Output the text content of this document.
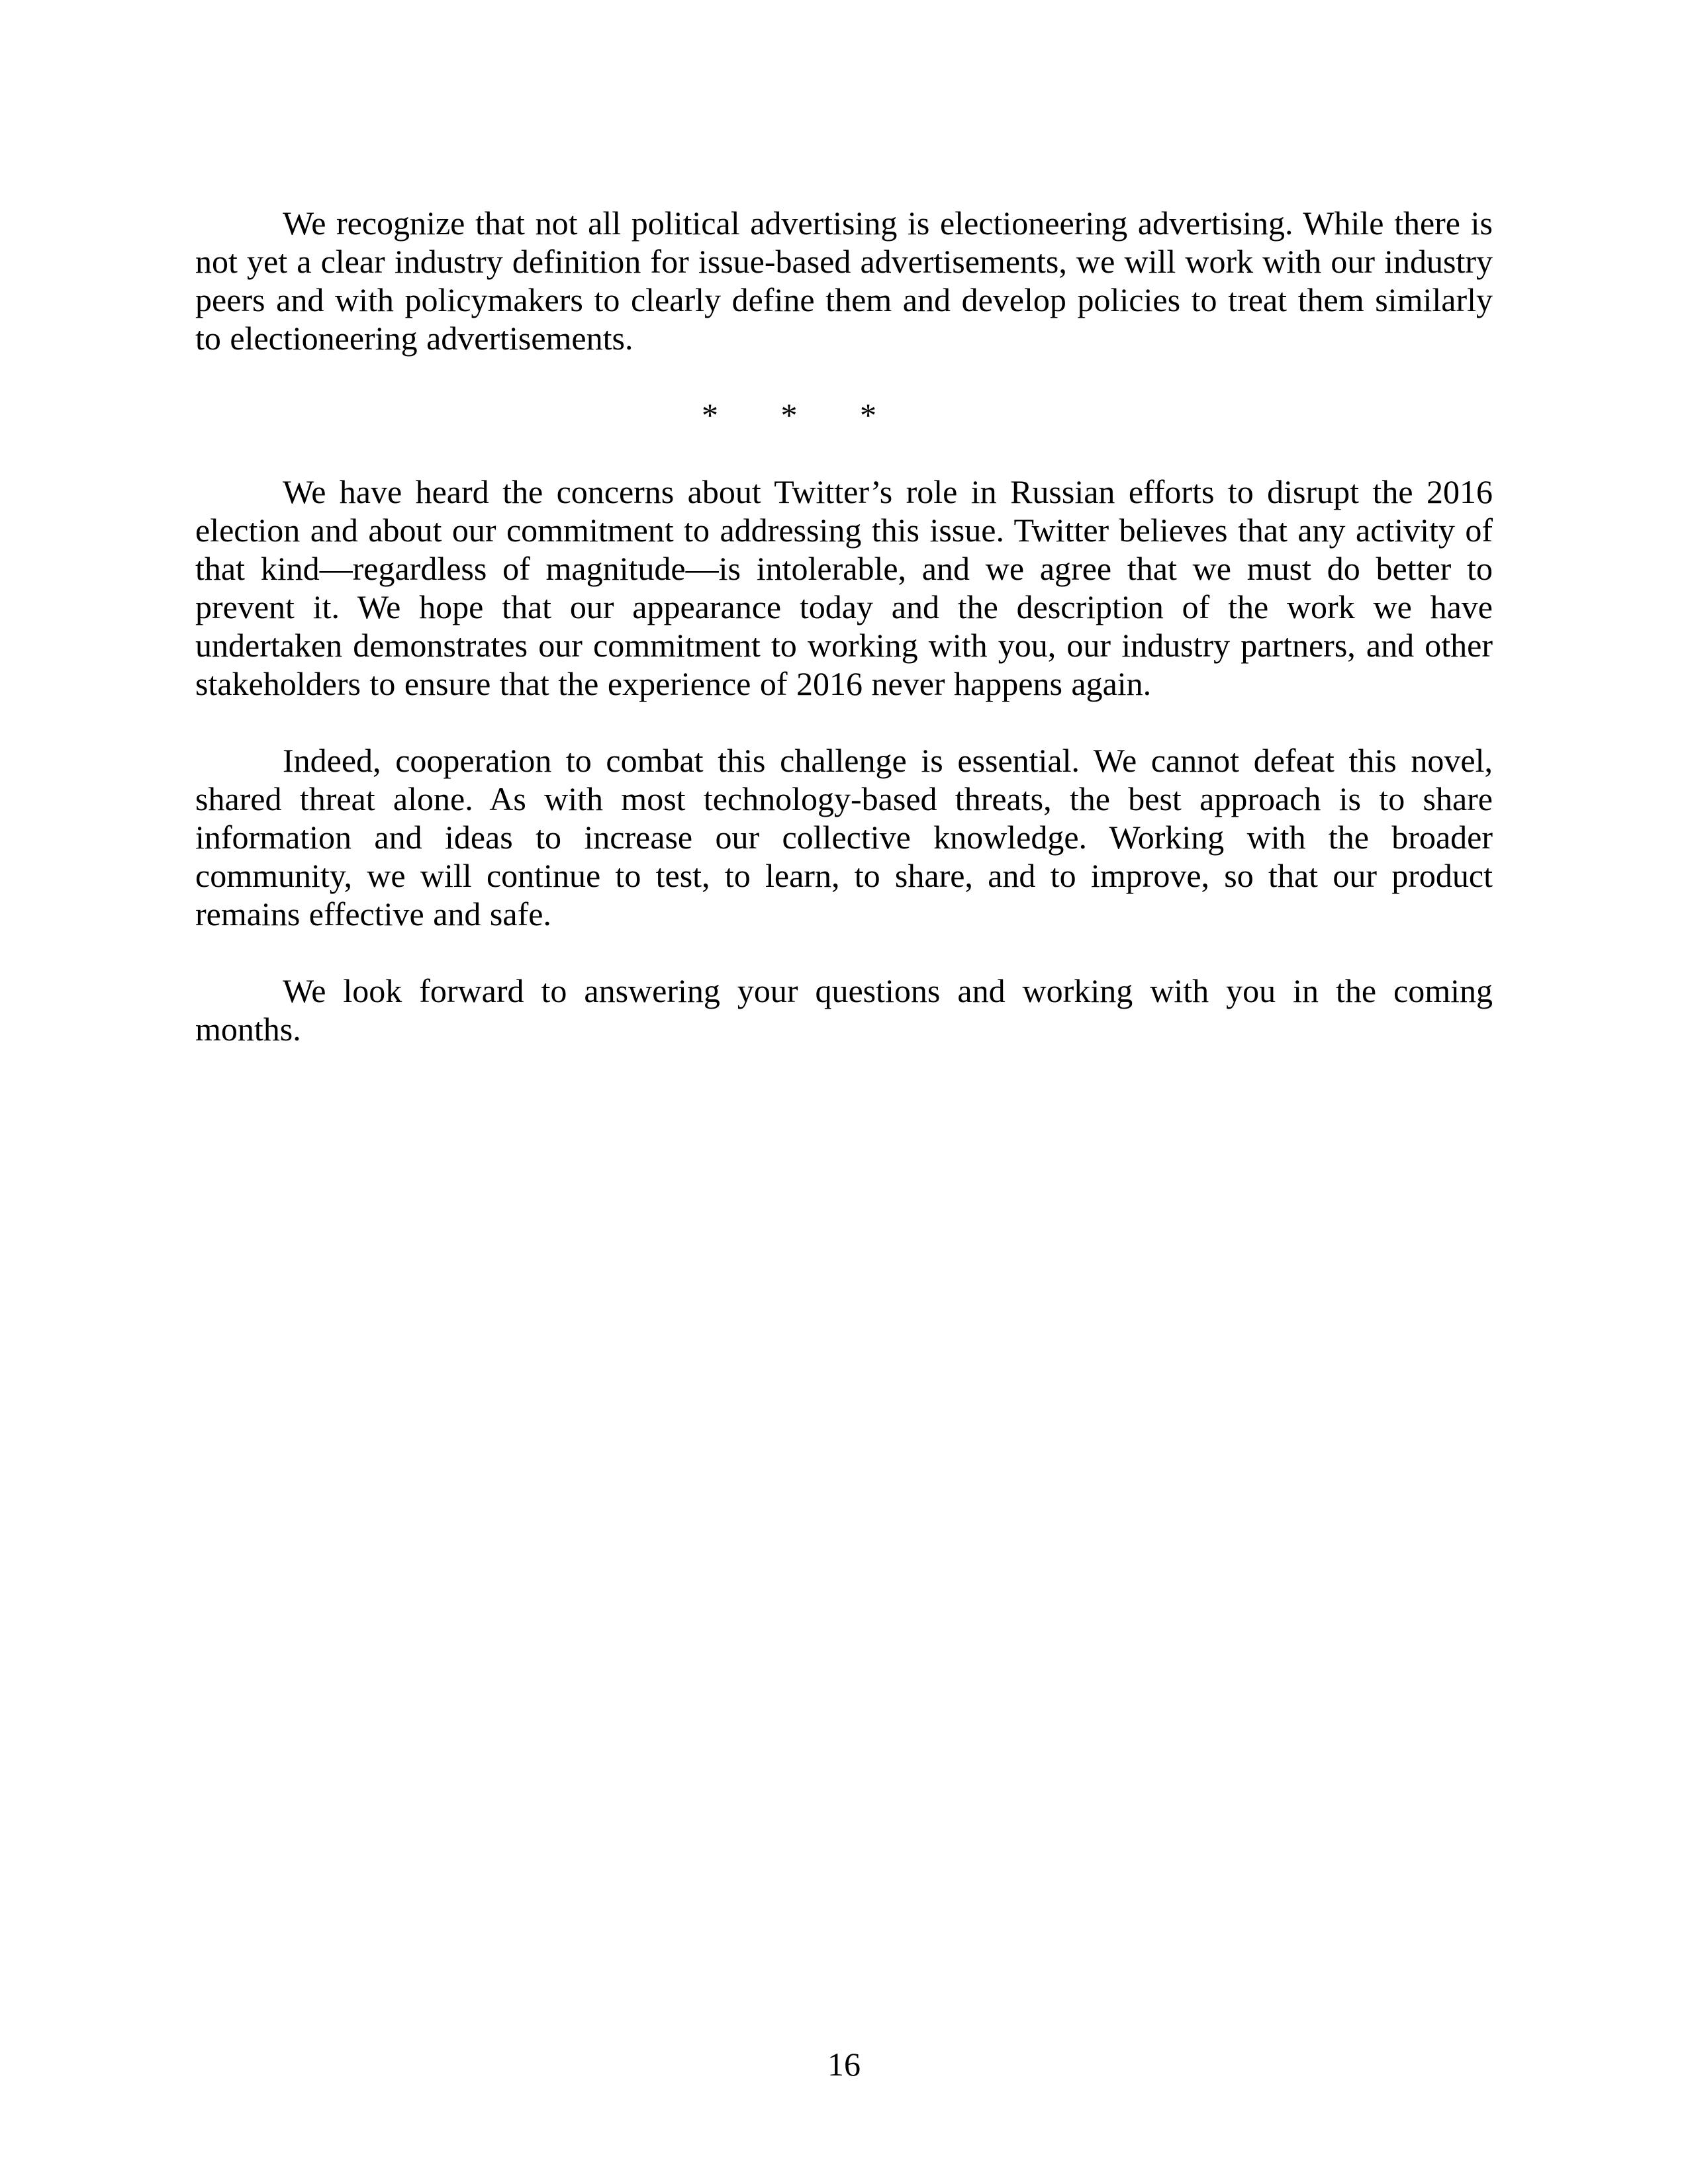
We recognize that not all political advertising is electioneering advertising. While there is not yet a clear industry definition for issue-based advertisements, we will work with our industry peers and with policymakers to clearly define them and develop policies to treat them similarly to electioneering advertisements.

* * *

We have heard the concerns about Twitter’s role in Russian efforts to disrupt the 2016 election and about our commitment to addressing this issue. Twitter believes that any activity of that kind—regardless of magnitude—is intolerable, and we agree that we must do better to prevent it. We hope that our appearance today and the description of the work we have undertaken demonstrates our commitment to working with you, our industry partners, and other stakeholders to ensure that the experience of 2016 never happens again.

Indeed, cooperation to combat this challenge is essential. We cannot defeat this novel, shared threat alone. As with most technology-based threats, the best approach is to share information and ideas to increase our collective knowledge. Working with the broader community, we will continue to test, to learn, to share, and to improve, so that our product remains effective and safe.

We look forward to answering your questions and working with you in the coming months.

16
